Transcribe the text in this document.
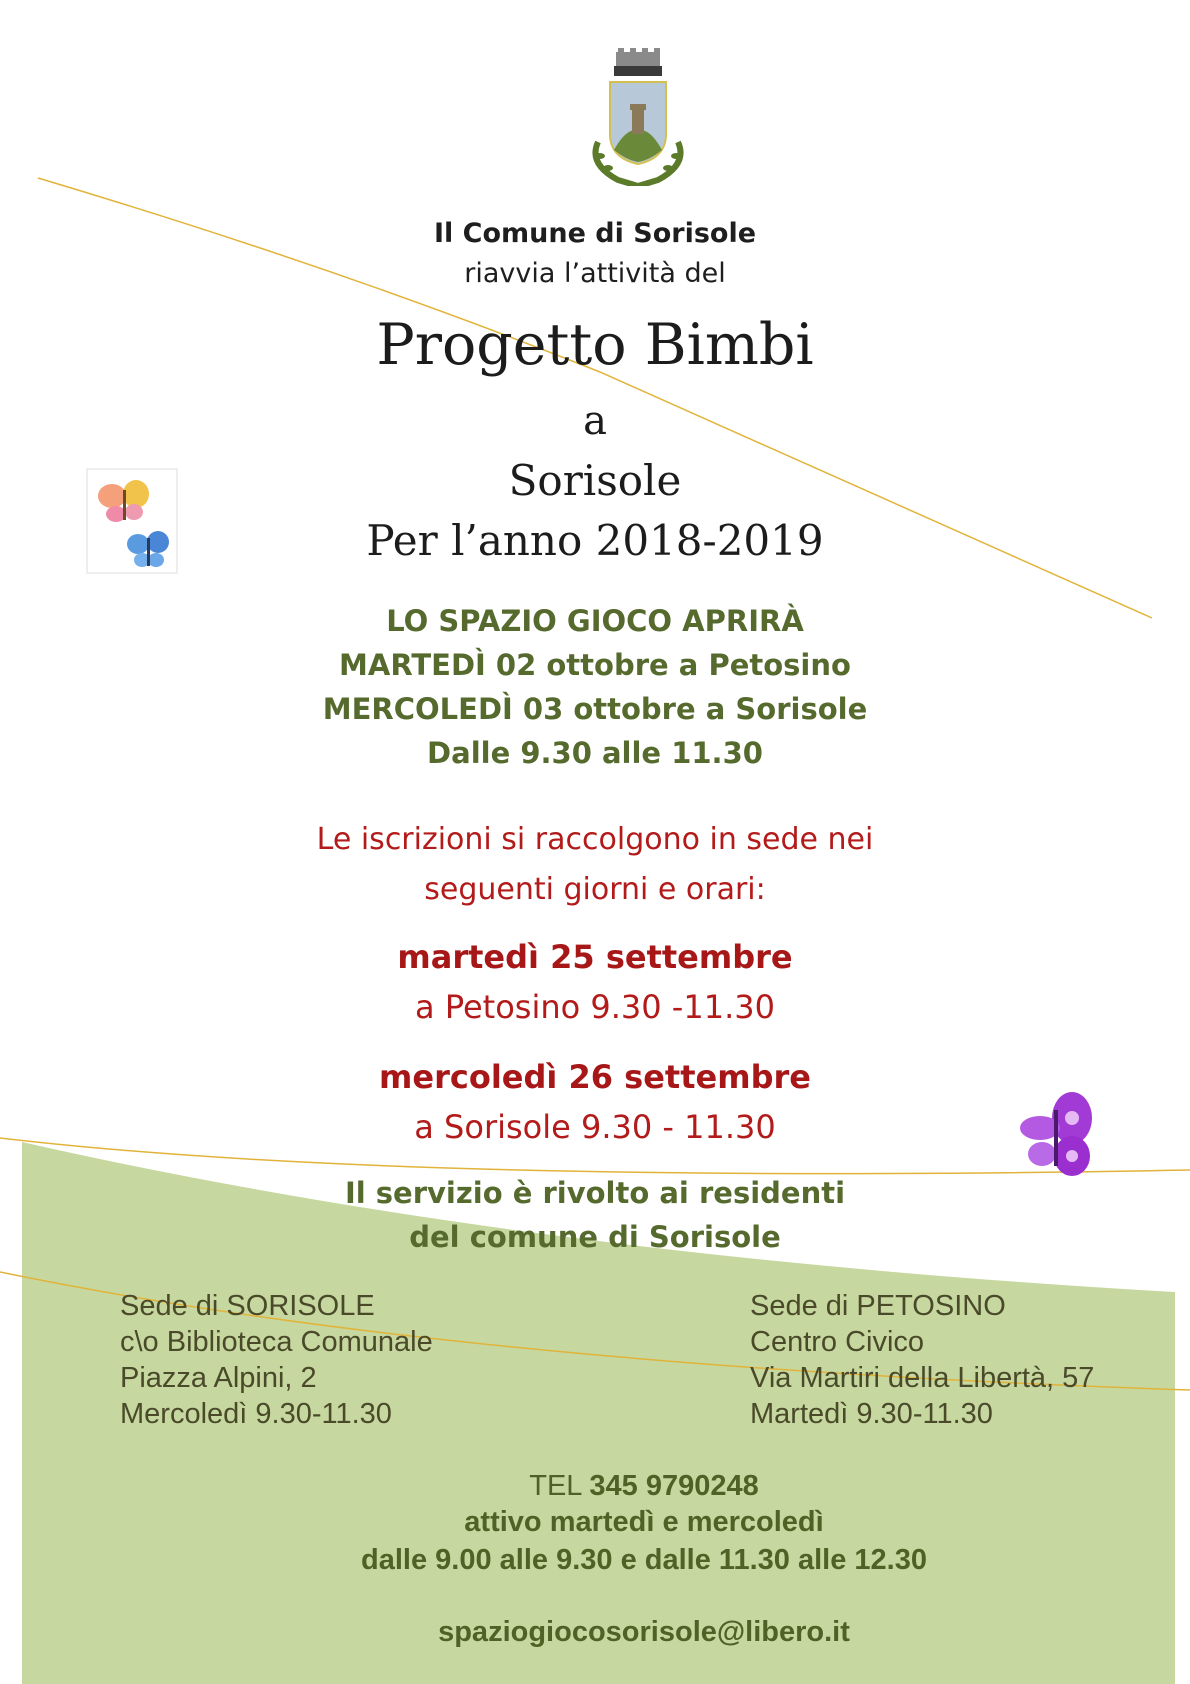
Il Comune di Sorisole
riavvia l’attività del
Progetto Bimbi
a
Sorisole
Per l’anno 2018-2019
LO SPAZIO GIOCO APRIRÀ
MARTEDÌ 02 ottobre a Petosino
MERCOLEDÌ 03 ottobre a Sorisole
Dalle 9.30 alle 11.30
Le iscrizioni si raccolgono in sede nei
seguenti giorni e orari:
martedì 25 settembre
a Petosino 9.30 -11.30
mercoledì 26 settembre
a Sorisole 9.30 - 11.30
Il servizio è rivolto ai residenti
del comune di Sorisole
Sede di SORISOLE
c\o Biblioteca Comunale
Piazza Alpini, 2
Mercoledì 9.30-11.30
Sede di PETOSINO
Centro Civico
Via Martiri della Libertà, 57
Martedì 9.30-11.30
TEL 345 9790248
attivo martedì e mercoledì
dalle 9.00 alle 9.30 e dalle 11.30 alle 12.30
spaziogiocosorisole@libero.it
